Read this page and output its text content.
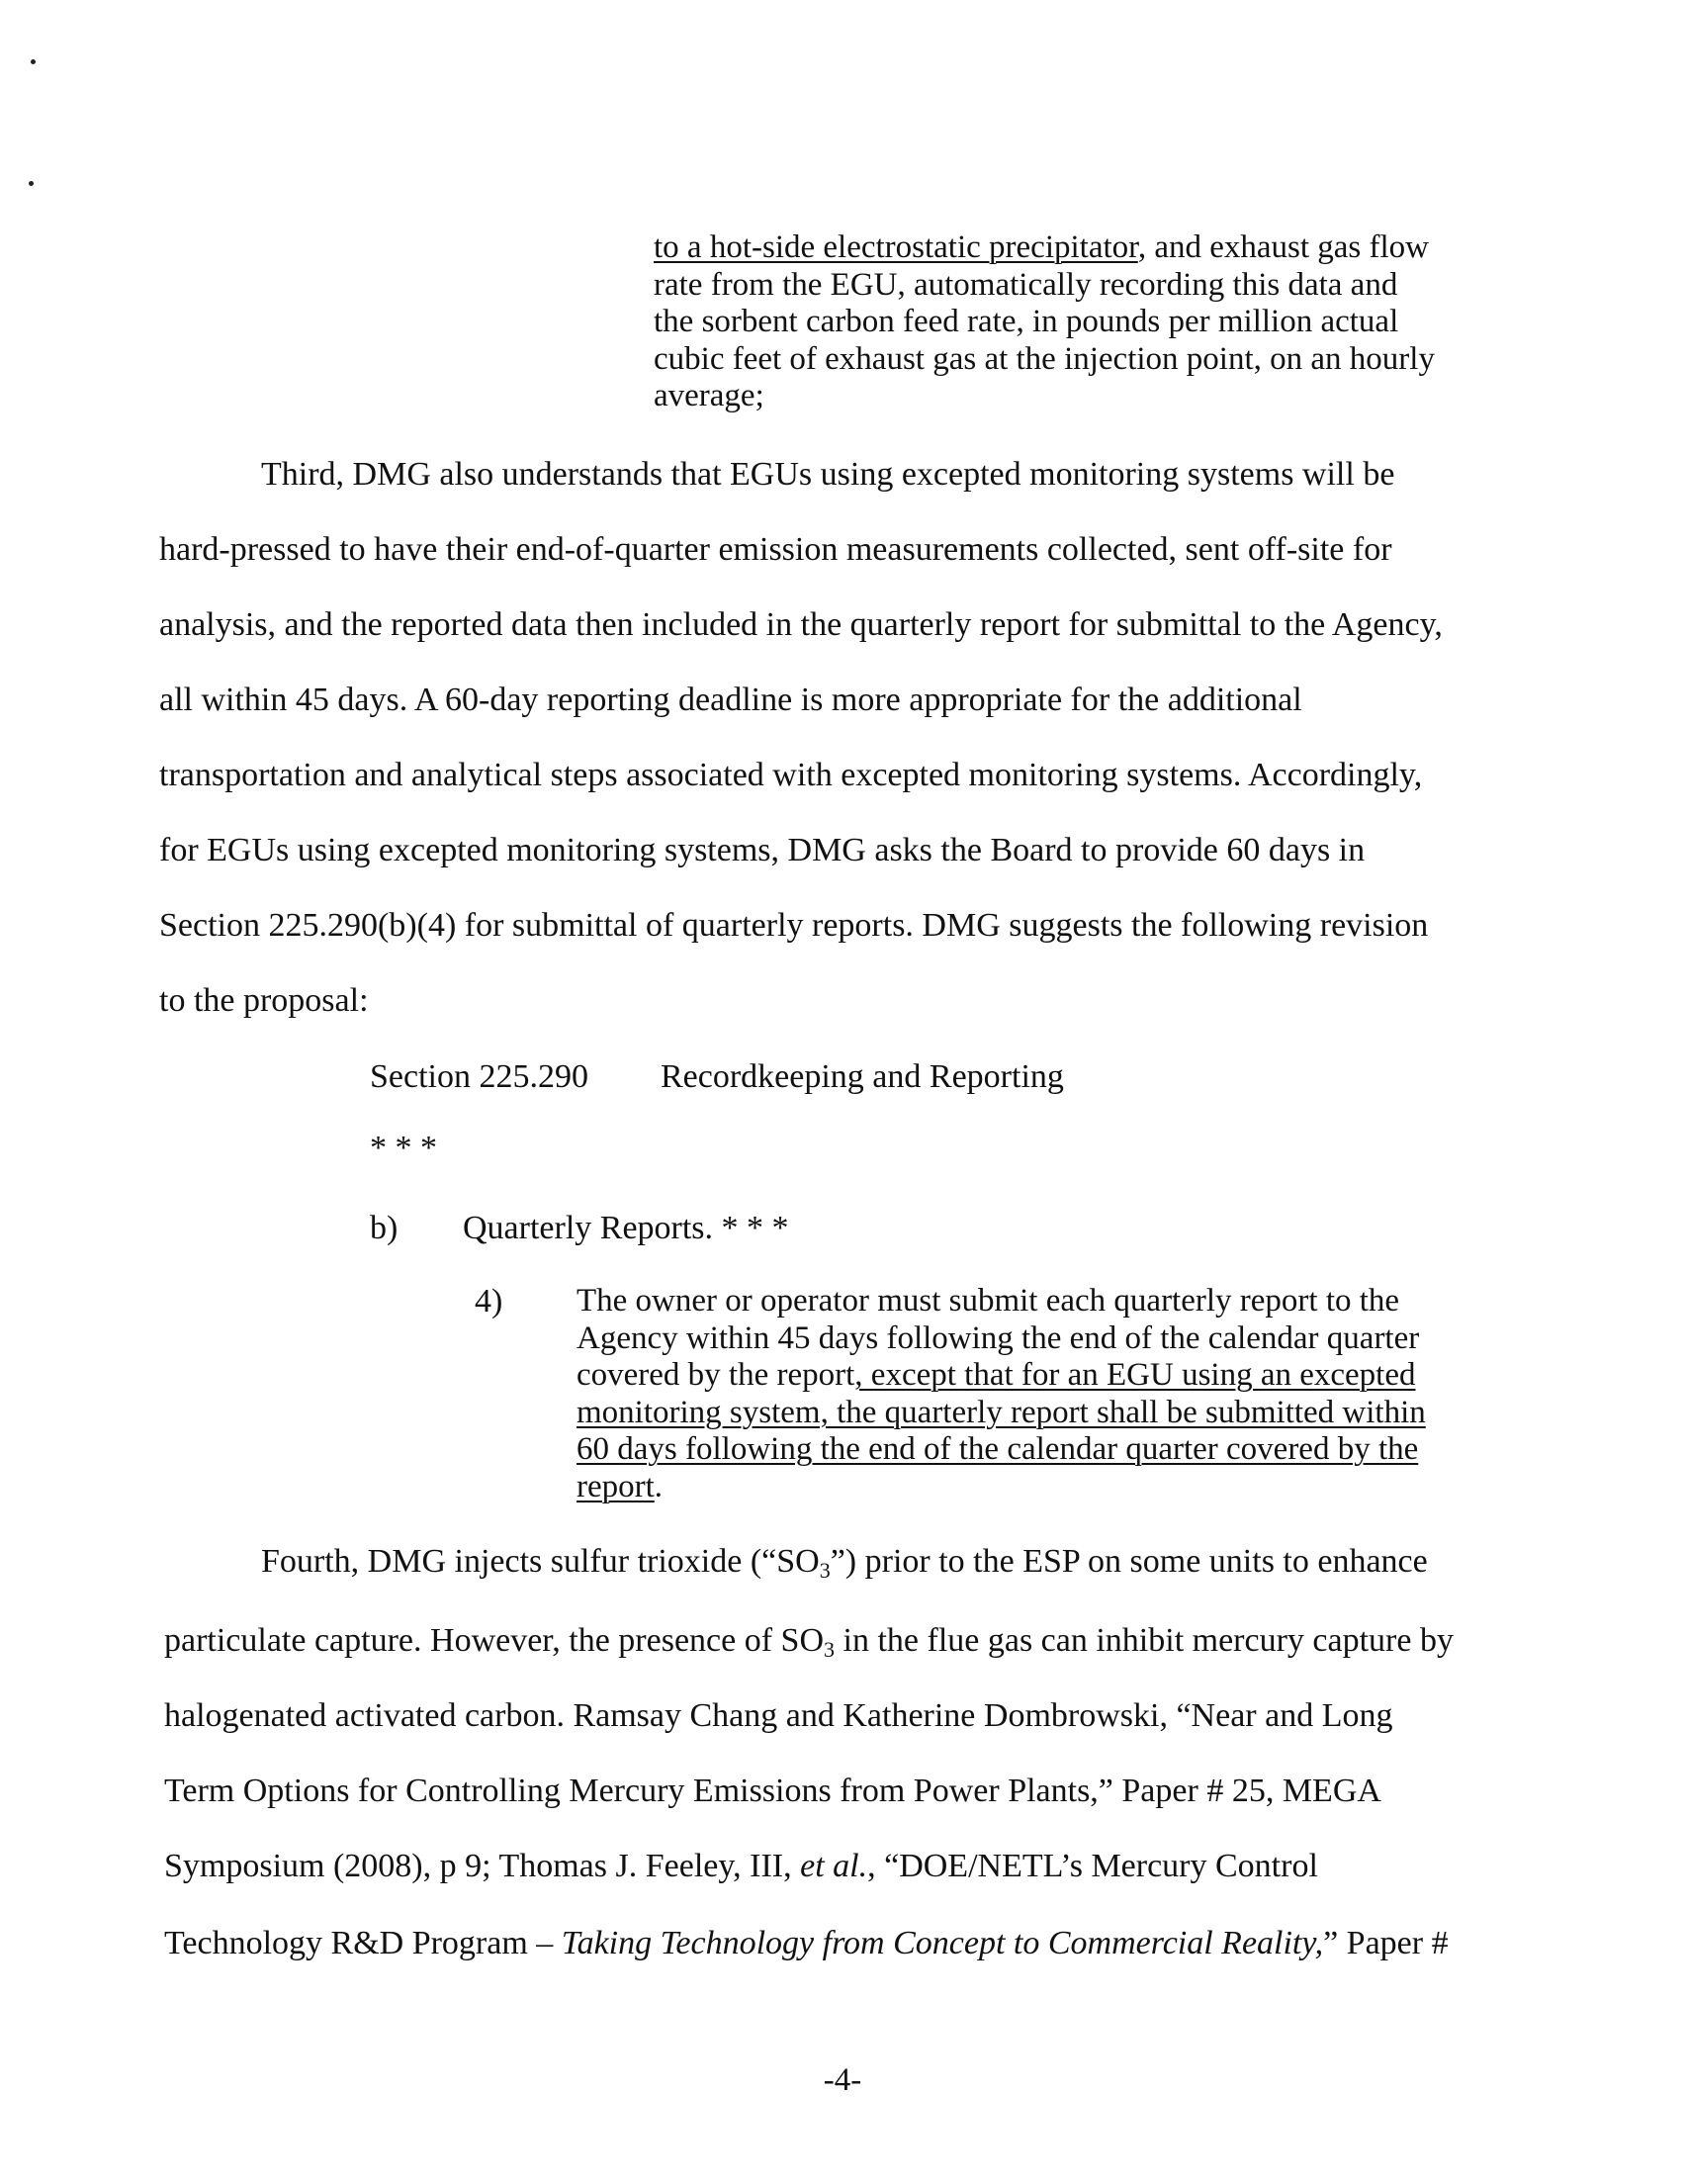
to a hot-side electrostatic precipitator, and exhaust gas flow
rate from the EGU, automatically recording this data and
the sorbent carbon feed rate, in pounds per million actual
cubic feet of exhaust gas at the injection point, on an hourly
average;
Third, DMG also understands that EGUs using excepted monitoring systems will be
hard-pressed to have their end-of-quarter emission measurements collected, sent off-site for
analysis, and the reported data then included in the quarterly report for submittal to the Agency,
all within 45 days. A 60-day reporting deadline is more appropriate for the additional
transportation and analytical steps associated with excepted monitoring systems. Accordingly,
for EGUs using excepted monitoring systems, DMG asks the Board to provide 60 days in
Section 225.290(b)(4) for submittal of quarterly reports. DMG suggests the following revision
to the proposal:
Section 225.290 Recordkeeping and Reporting
* * *
b) Quarterly Reports. * * *
4) The owner or operator must submit each quarterly report to the
Agency within 45 days following the end of the calendar quarter
covered by the report, except that for an EGU using an excepted
monitoring system, the quarterly report shall be submitted within
60 days following the end of the calendar quarter covered by the
report.
Fourth, DMG injects sulfur trioxide $(“SO_3”)$ prior to the ESP on some units to enhance
particulate capture. However, the presence of $SO_3$ in the flue gas can inhibit mercury capture by
halogenated activated carbon. Ramsay Chang and Katherine Dombrowski, “Near and Long
Term Options for Controlling Mercury Emissions from Power Plants,” Paper # 25, MEGA
Symposium (2008), p 9; Thomas J. Feeley, III, et al., “DOE/NETL’s Mercury Control
Technology R&D Program – Taking Technology from Concept to Commercial Reality,” Paper #
-4-
